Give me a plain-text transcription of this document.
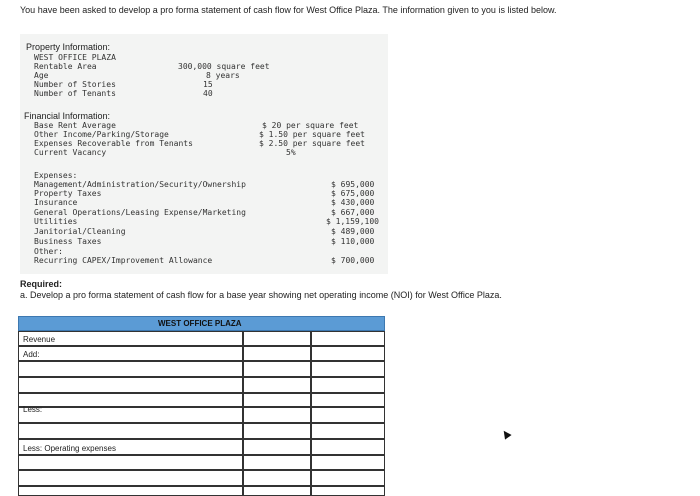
You have been asked to develop a pro forma statement of cash flow for West Office Plaza. The information given to you is listed below.
Property Information:
WEST OFFICE PLAZA
Rentable Area	300,000 square feet
Age	8 years
Number of Stories	15
Number of Tenants	40
Financial Information:
Base Rent Average	$ 20 per square feet
Other Income/Parking/Storage	$ 1.50 per square feet
Expenses Recoverable from Tenants	$ 2.50 per square feet
Current Vacancy	5%
Expenses:
Management/Administration/Security/Ownership	$ 695,000
Property Taxes	$ 675,000
Insurance	$ 430,000
General Operations/Leasing Expense/Marketing	$ 667,000
Utilities	$ 1,159,100
Janitorial/Cleaning	$ 489,000
Business Taxes	$ 110,000
Other:
Recurring CAPEX/Improvement Allowance	$ 700,000
Required:
a. Develop a pro forma statement of cash flow for a base year showing net operating income (NOI) for West Office Plaza.
WEST OFFICE PLAZA
Revenue
Add:
Less:
Less: Operating expenses
